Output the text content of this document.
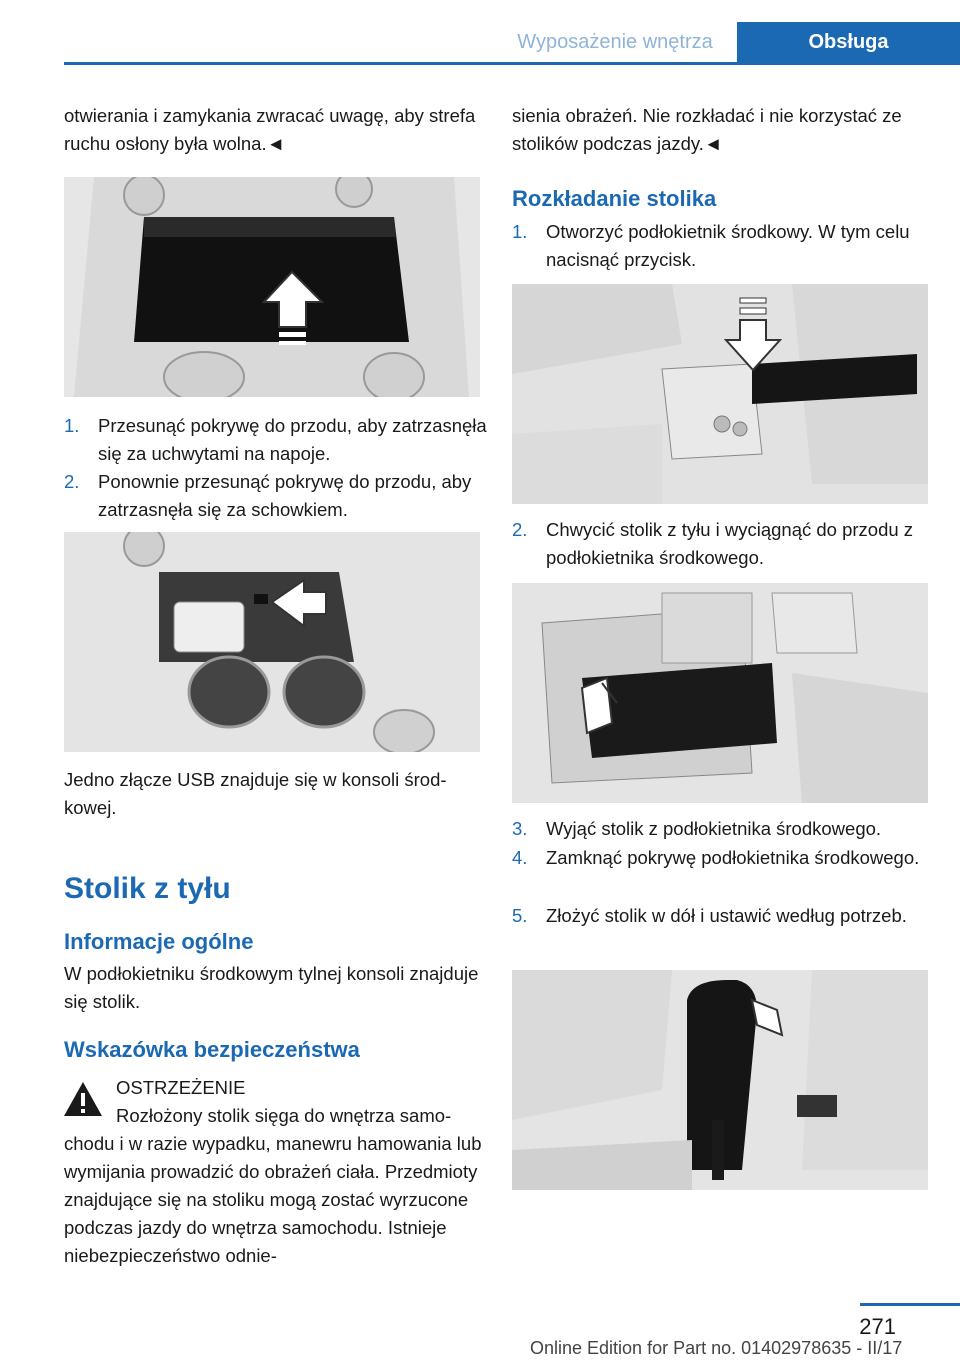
Wyposażenie wnętrza	Obsługa

otwierania i zamykania zwracać uwagę, aby strefa ruchu osłony była wolna.◄

1. Przesunąć pokrywę do przodu, aby zatrzasnęła się za uchwytami na napoje.
2. Ponownie przesunąć pokrywę do przodu, aby zatrzasnęła się za schowkiem.

Jedno złącze USB znajduje się w konsoli środkowej.

Stolik z tyłu
Informacje ogólne

W podłokietniku środkowym tylnej konsoli znajduje się stolik.

Wskazówka bezpieczeństwa
OSTRZEŻENIE

Rozłożony stolik sięga do wnętrza samochodu i w razie wypadku, manewru hamowania lub wymijania prowadzić do obrażeń ciała. Przedmioty znajdujące się na stoliku mogą zostać wyrzucone podczas jazdy do wnętrza samochodu. Istnieje niebezpieczeństwo odnie-

sienia obrażeń. Nie rozkładać i nie korzystać ze stolików podczas jazdy.◄

Rozkładanie stolika
1. Otworzyć podłokietnik środkowy. W tym celu nacisnąć przycisk.
2. Chwycić stolik z tyłu i wyciągnąć do przodu z podłokietnika środkowego.
3. Wyjąć stolik z podłokietnika środkowego.
4. Zamknąć pokrywę podłokietnika środkowego.
5. Złożyć stolik w dół i ustawić według potrzeb.
271
Online Edition for Part no. 01402978635 - II/17
